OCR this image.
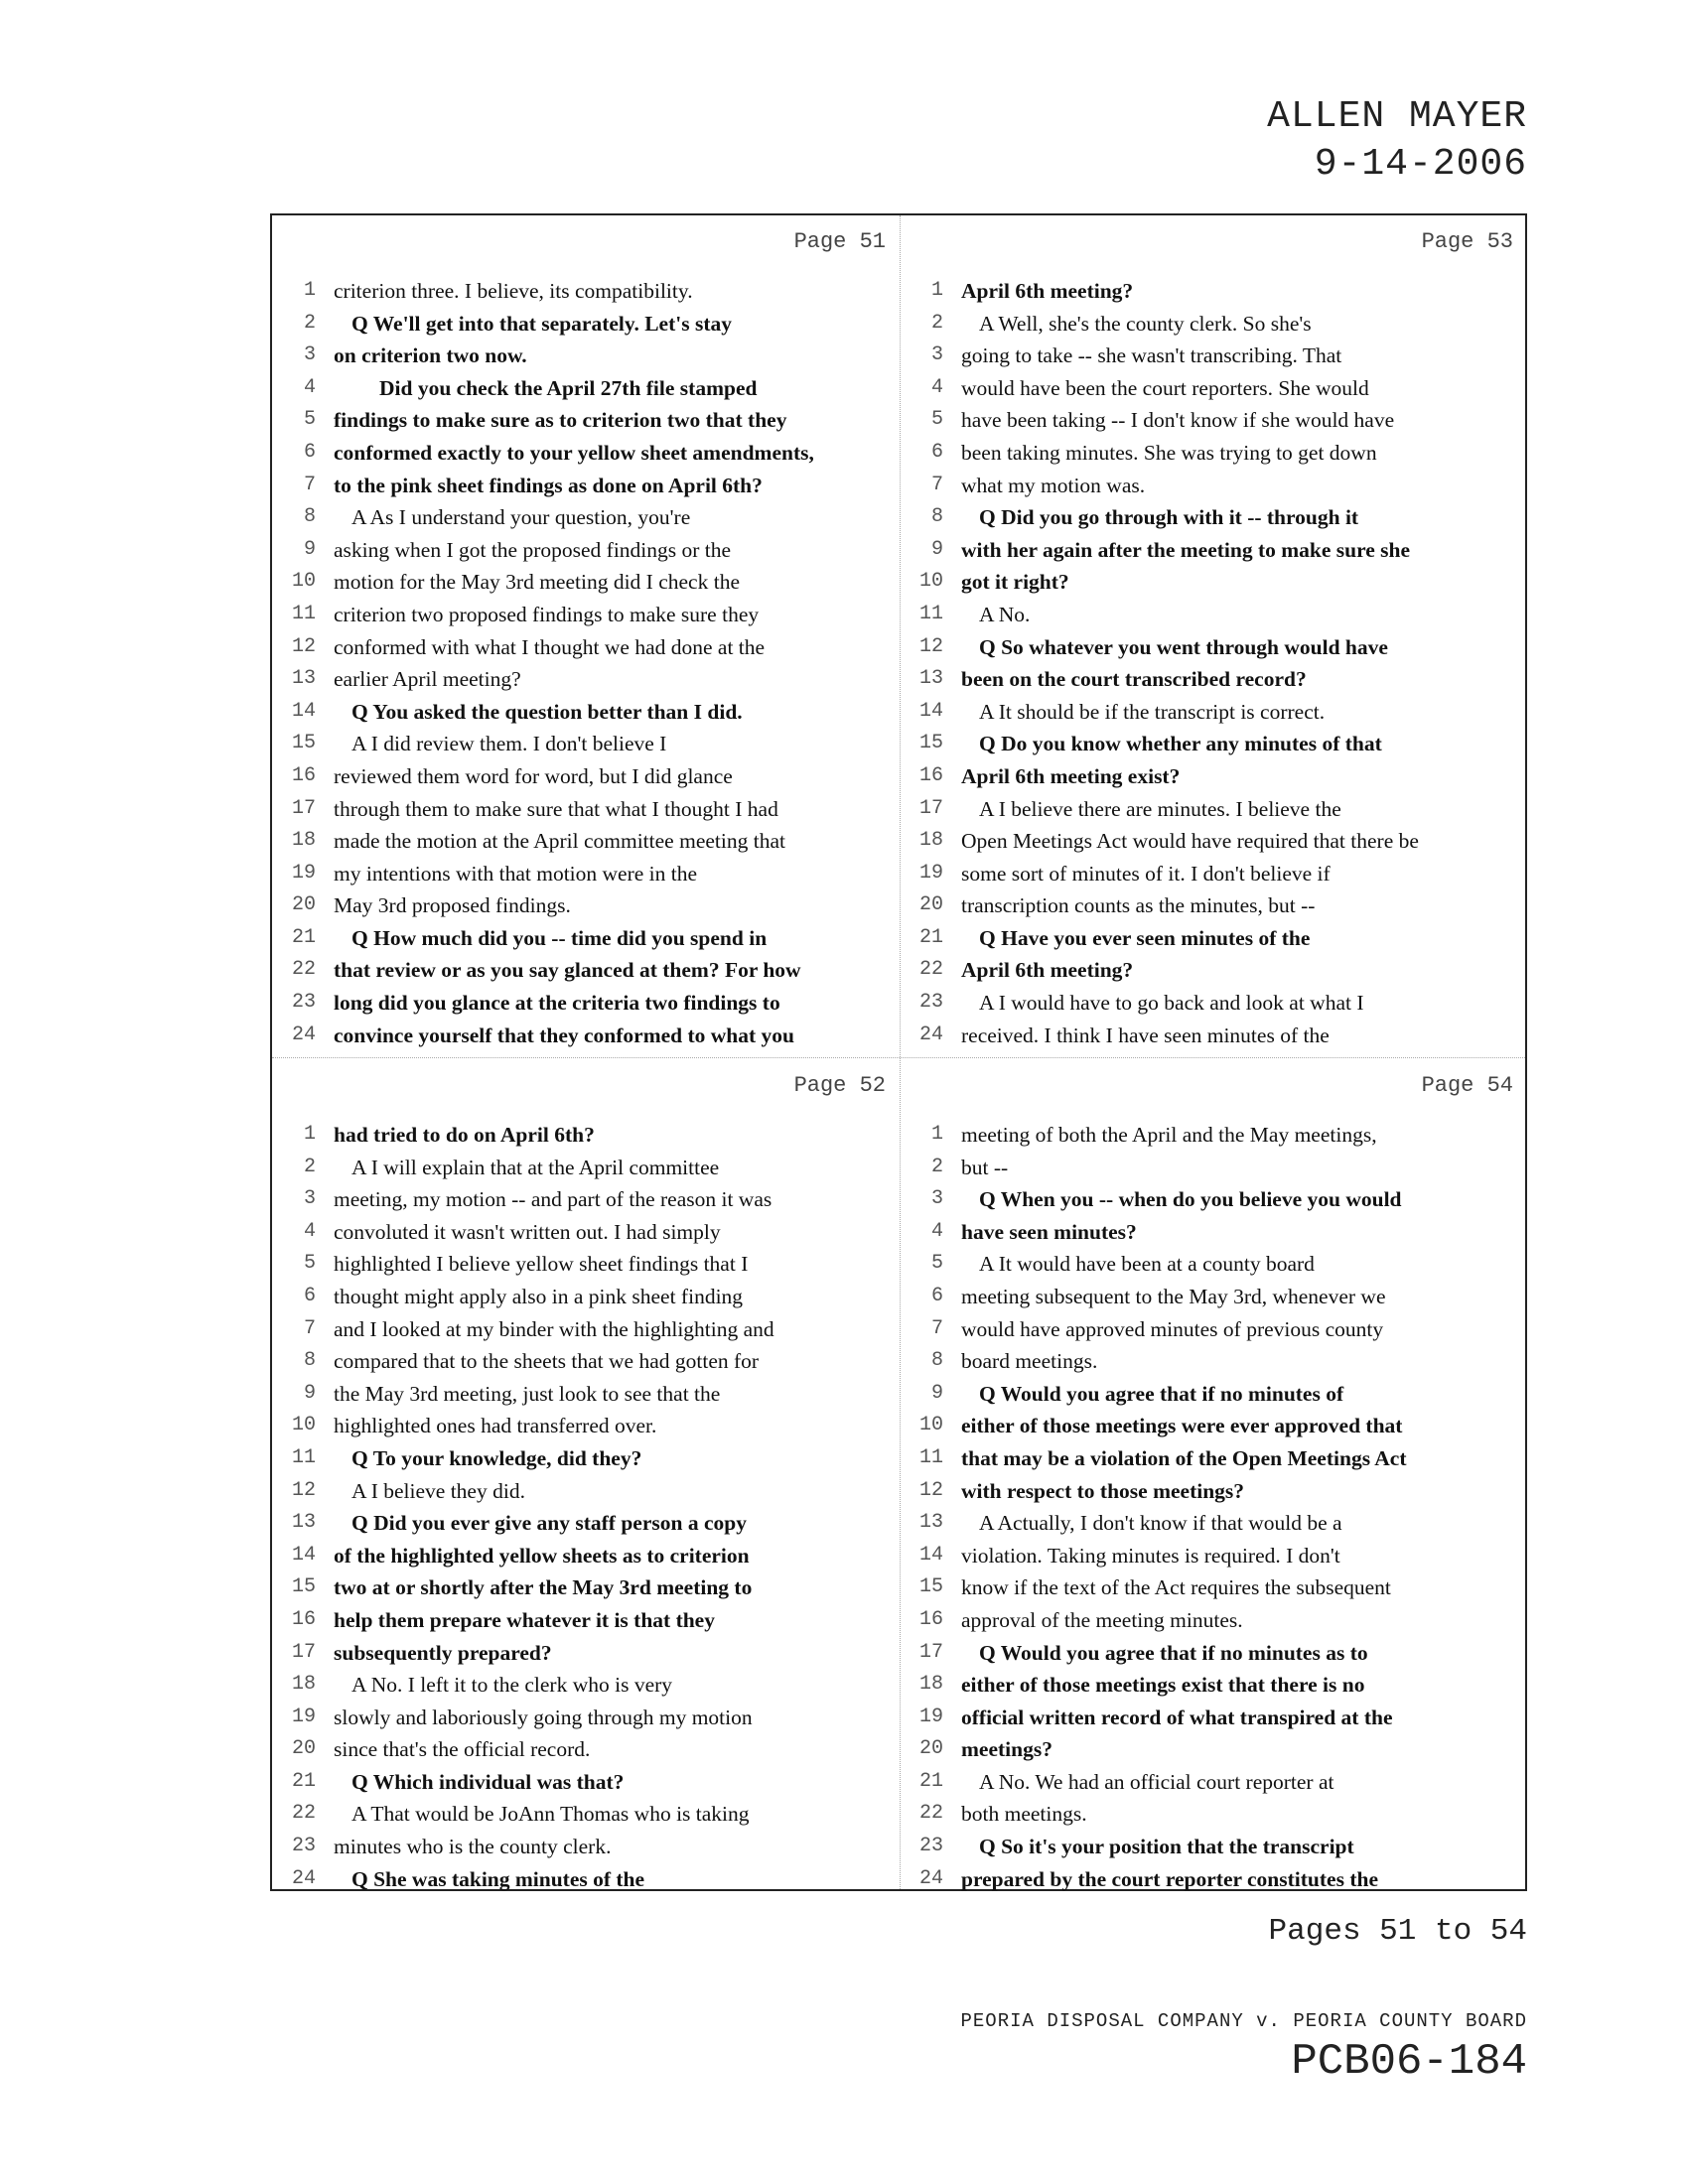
ALLEN MAYER
9-14-2006
Page 51
1 criterion three. I believe, its compatibility.
2 Q We'll get into that separately. Let's stay
3 on criterion two now.
4	Did you check the April 27th file stamped
5 findings to make sure as to criterion two that they
6 conformed exactly to your yellow sheet amendments,
7 to the pink sheet findings as done on April 6th?
8 A As I understand your question, you're
9 asking when I got the proposed findings or the
10 motion for the May 3rd meeting did I check the
11 criterion two proposed findings to make sure they
12 conformed with what I thought we had done at the
13 earlier April meeting?
14 Q You asked the question better than I did.
15 A I did review them. I don't believe I
16 reviewed them word for word, but I did glance
17 through them to make sure that what I thought I had
18 made the motion at the April committee meeting that
19 my intentions with that motion were in the
20 May 3rd proposed findings.
21 Q How much did you -- time did you spend in
22 that review or as you say glanced at them? For how
23 long did you glance at the criteria two findings to
24 convince yourself that they conformed to what you
Page 53
1 April 6th meeting?
2 A Well, she's the county clerk. So she's
3 going to take -- she wasn't transcribing. That
4 would have been the court reporters. She would
5 have been taking -- I don't know if she would have
6 been taking minutes. She was trying to get down
7 what my motion was.
8 Q Did you go through with it -- through it
9 with her again after the meeting to make sure she
10 got it right?
11 A No.
12 Q So whatever you went through would have
13 been on the court transcribed record?
14 A It should be if the transcript is correct.
15 Q Do you know whether any minutes of that
16 April 6th meeting exist?
17 A I believe there are minutes. I believe the
18 Open Meetings Act would have required that there be
19 some sort of minutes of it. I don't believe if
20 transcription counts as the minutes, but --
21 Q Have you ever seen minutes of the
22 April 6th meeting?
23 A I would have to go back and look at what I
24 received. I think I have seen minutes of the
Page 52
1 had tried to do on April 6th?
2 A I will explain that at the April committee
3 meeting, my motion -- and part of the reason it was
4 convoluted it wasn't written out. I had simply
5 highlighted I believe yellow sheet findings that I
6 thought might apply also in a pink sheet finding
7 and I looked at my binder with the highlighting and
8 compared that to the sheets that we had gotten for
9 the May 3rd meeting, just look to see that the
10 highlighted ones had transferred over.
11 Q To your knowledge, did they?
12 A I believe they did.
13 Q Did you ever give any staff person a copy
14 of the highlighted yellow sheets as to criterion
15 two at or shortly after the May 3rd meeting to
16 help them prepare whatever it is that they
17 subsequently prepared?
18 A No. I left it to the clerk who is very
19 slowly and laboriously going through my motion
20 since that's the official record.
21 Q Which individual was that?
22 A That would be JoAnn Thomas who is taking
23 minutes who is the county clerk.
24 Q She was taking minutes of the
Page 54
1 meeting of both the April and the May meetings,
2 but --
3 Q When you -- when do you believe you would
4 have seen minutes?
5 A It would have been at a county board
6 meeting subsequent to the May 3rd, whenever we
7 would have approved minutes of previous county
8 board meetings.
9 Q Would you agree that if no minutes of
10 either of those meetings were ever approved that
11 that may be a violation of the Open Meetings Act
12 with respect to those meetings?
13 A Actually, I don't know if that would be a
14 violation. Taking minutes is required. I don't
15 know if the text of the Act requires the subsequent
16 approval of the meeting minutes.
17 Q Would you agree that if no minutes as to
18 either of those meetings exist that there is no
19 official written record of what transpired at the
20 meetings?
21 A No. We had an official court reporter at
22 both meetings.
23 Q So it's your position that the transcript
24 prepared by the court reporter constitutes the
Pages 51 to 54
PEORIA DISPOSAL COMPANY v. PEORIA COUNTY BOARD
PCB06-184
